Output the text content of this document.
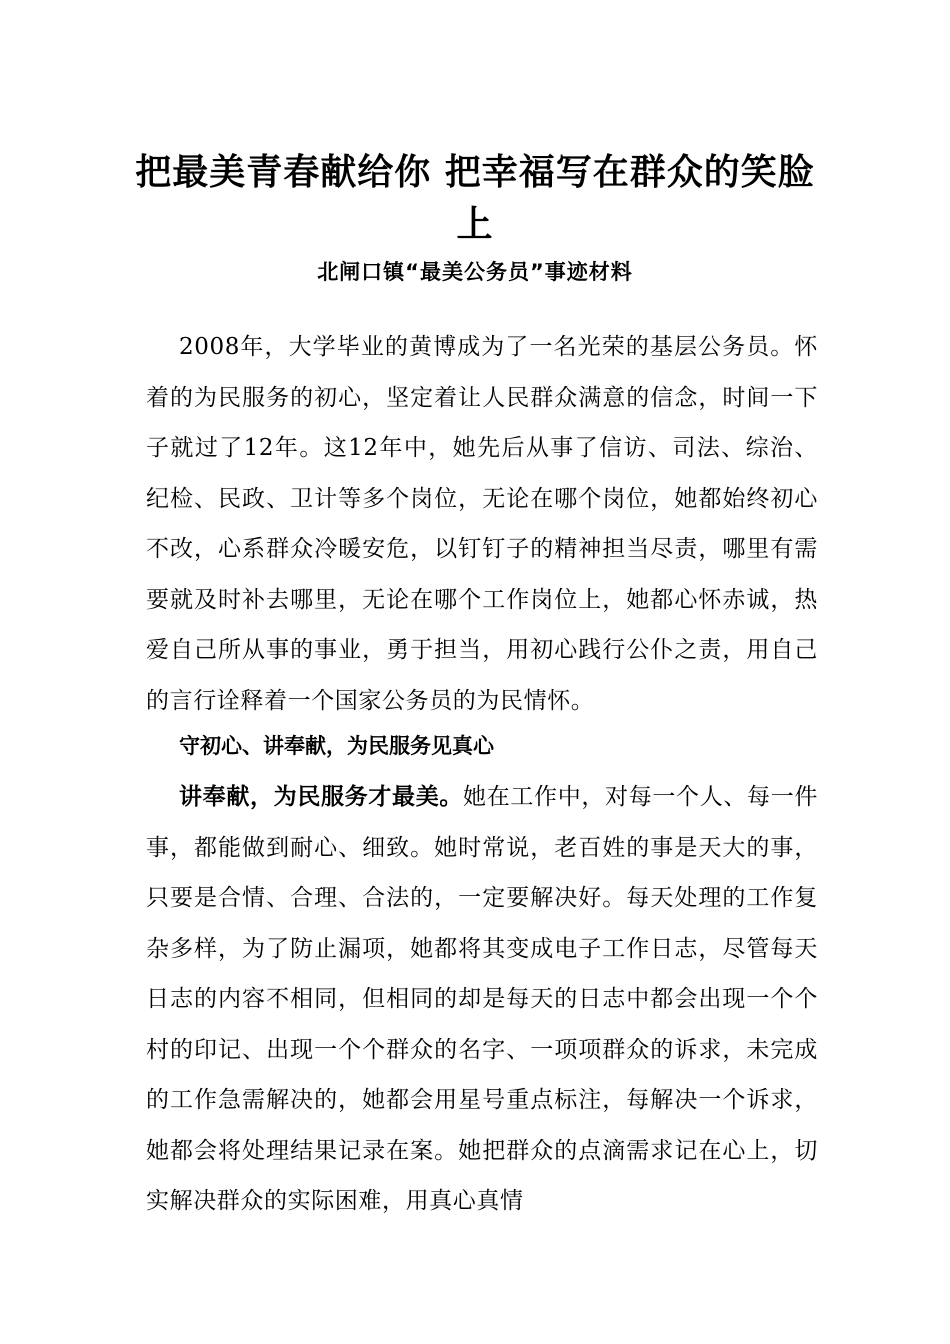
把最美青春献给你 把幸福写在群众的笑脸上
北闸口镇“最美公务员”事迹材料

2008年，大学毕业的黄博成为了一名光荣的基层公务员。怀着的为民服务的初心，坚定着让人民群众满意的信念，时间一下子就过了12年。这12年中，她先后从事了信访、司法、综治、纪检、民政、卫计等多个岗位，无论在哪个岗位，她都始终初心不改，心系群众冷暖安危，以钉钉子的精神担当尽责，哪里有需要就及时补去哪里，无论在哪个工作岗位上，她都心怀赤诚，热爱自己所从事的事业，勇于担当，用初心践行公仆之责，用自己的言行诠释着一个国家公务员的为民情怀。

守初心、讲奉献，为民服务见真心

讲奉献，为民服务才最美。她在工作中，对每一个人、每一件事，都能做到耐心、细致。她时常说，老百姓的事是天大的事，只要是合情、合理、合法的，一定要解决好。每天处理的工作复杂多样，为了防止漏项，她都将其变成电子工作日志，尽管每天日志的内容不相同，但相同的却是每天的日志中都会出现一个个村的印记、出现一个个群众的名字、一项项群众的诉求，未完成的工作急需解决的，她都会用星号重点标注，每解决一个诉求，她都会将处理结果记录在案。她把群众的点滴需求记在心上，切实解决群众的实际困难，用真心真情
